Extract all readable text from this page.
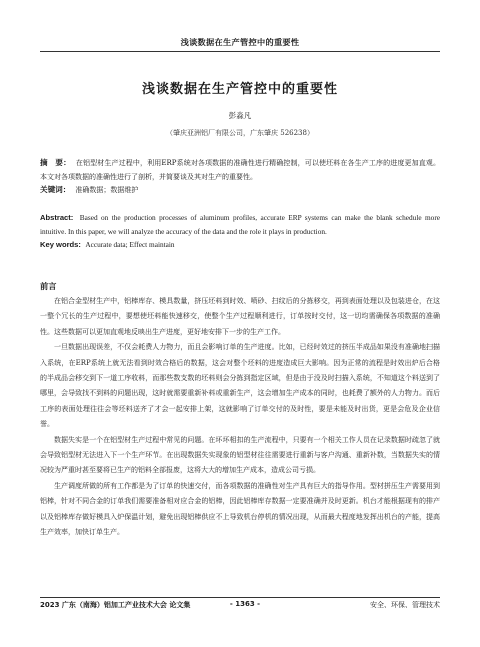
浅谈数据在生产管控中的重要性
浅谈数据在生产管控中的重要性
彭淼凡
（肇庆亚洲铝厂有限公司，广东肇庆 526238）
摘　要： 在铝型材生产过程中，利用ERP系统对各项数据的准确性进行精确控制，可以使坯料在各生产工序的进度更加直观。本文对各项数据的准确性进行了剖析，并简要谈及其对生产的重要性。
关键词： 准确数据；数据维护
Abstract: Based on the production processes of aluminum profiles, accurate ERP systems can make the blank schedule more intuitive. In this paper, we will analyze the accuracy of the data and the role it plays in production.
Key words: Accurate data; Effect maintain
前言

在铝合金型材生产中，铝棒库存、模具数量，挤压坯料到时效、喷砂、扫纹后的分拣移交，再到表面处理以及包装进仓，在这一整个冗长的生产过程中，要想使坯料能快速移交，使整个生产过程顺利进行，订单按时交付，这一切均需确保各项数据的准确性。这些数据可以更加直观地反映出生产进度，更好地安排下一步的生产工作。

一旦数据出现误差，不仅会耗费人力物力，而且会影响订单的生产进度。比如，已经时效过的挤压半成品如果没有准确地扫描入系统，在ERP系统上就无法看到时效合格后的数据，这会对整个坯料的进度造成巨大影响。因为正常的流程是时效出炉后合格的半成品会移交到下一道工序收料，而那些数支数的坯料则会分拣到指定区域，但是由于没及时扫描入系统，不知道这个料送到了哪里，会导致找不到料的问题出现，这时就需要重新补料或重新生产，这会增加生产成本的同时，也耗费了额外的人力物力。而后工序的表面处理往往会等坯料送齐了才会一起安排上架，这就影响了订单交付的及时性，要是未能及时出货，更是会危及企业信誉。

数据失实是一个在铝型材生产过程中常见的问题。在坏坏相扣的生产流程中，只要有一个相关工作人员在记录数据时疏忽了就会导致铝型材无法进入下一个生产环节。在出现数据失实现象的铝型材往往需要进行重新与客户沟通、重新补数，当数据失实的情况较为严重时甚至要将已生产的铝料全部报废，这将大大的增加生产成本，造成公司亏损。

生产调度所做的所有工作都是为了订单的快速交付，而各项数据的准确性对生产具有巨大的指导作用。型材拼压生产需要用到铝棒，针对不同合金的订单我们需要准备相对应合金的铝棒，因此铝棒库存数据一定要准确并及时更新。机台才能根据现有的排产以及铝棒库存做好模具入炉保温计划，避免出现铝棒供应不上导致机台停机的情况出现，从而最大程度地发挥出机台的产能，提高生产效率，加快订单生产。

2023 广东（南海）铝加工产业技术大会 论文集	- 1363 -	安全、环保、管理技术
